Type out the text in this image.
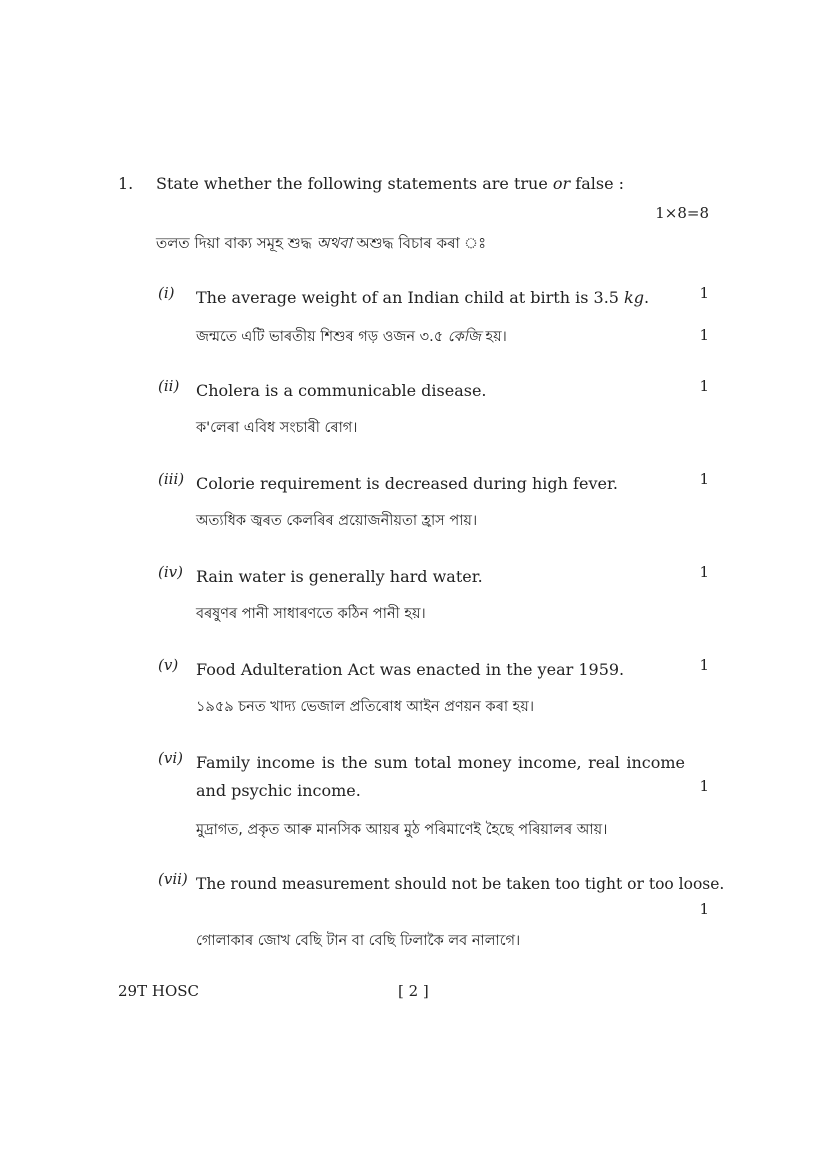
1. State whether the following statements are true or false :
1×8=8
তলত দিয়া বাক্য সমূহ শুদ্ধ অথবা অশুদ্ধ বিচাৰ কৰা ঃ
(i) The average weight of an Indian child at birth is 3.5 kg.	1
জন্মতে এটি ভাৰতীয় শিশুৰ গড় ওজন ৩.৫ কেজি হয়।	1
(ii) Cholera is a communicable disease.	1
ক'লেৰা এবিধ সংচাৰী ৰোগ।
(iii) Colorie requirement is decreased during high fever.	1
অত্যধিক জ্বৰত কেলৰিৰ প্ৰয়োজনীয়তা হ্ৰাস পায়।
(iv) Rain water is generally hard water.	1
বৰষুণৰ পানী সাধাৰণতে কঠিন পানী হয়।
(v) Food Adulteration Act was enacted in the year 1959.	1
১৯৫৯ চনত খাদ্য ভেজাল প্ৰতিৰোধ আইন প্ৰণয়ন কৰা হয়।
(vi) Family income is the sum total money income, real income and psychic income.	1
মুদ্ৰাগত, প্ৰকৃত আৰু মানসিক আয়ৰ মুঠ পৰিমাণেই হৈছে পৰিয়ালৰ আয়।
(vii) The round measurement should not be taken too tight or too loose.
1
গোলাকাৰ জোখ বেছি টান বা বেছি ঢিলাকৈ লব নালাগে।
29T HOSC	[ 2 ]
